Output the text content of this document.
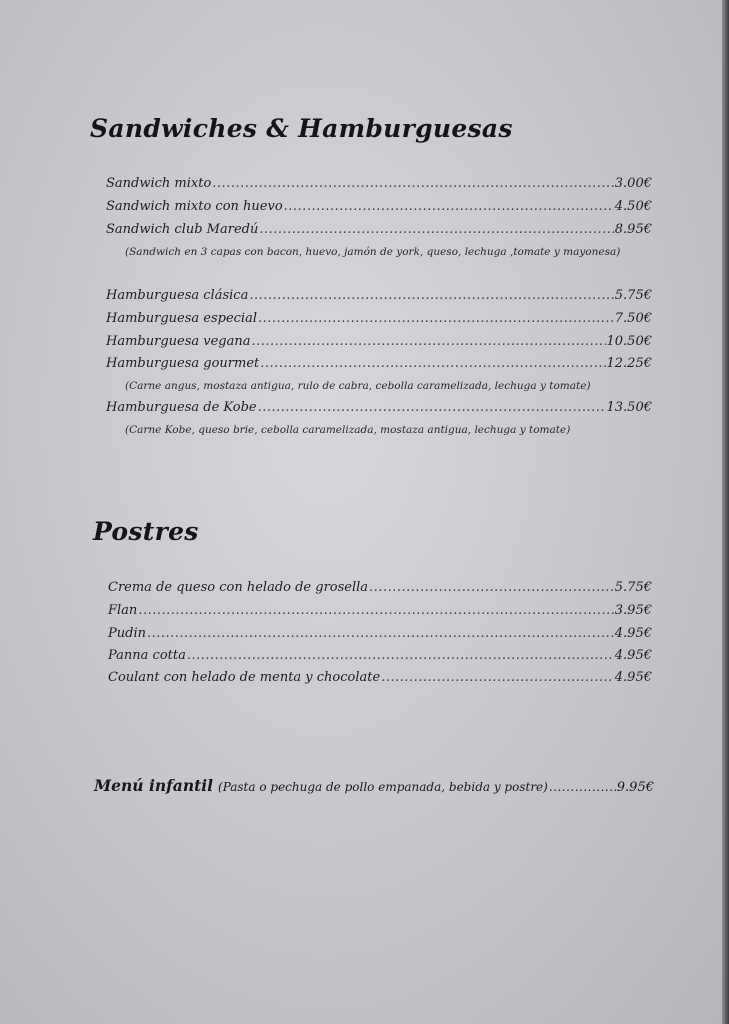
Sandwiches & Hamburguesas
Sandwich mixto .....	3.00€
Sandwich mixto con huevo .....	4.50€
Sandwich club Maredú .....	8.95€
(Sandwich en 3 capas con bacon, huevo, jamón de york, queso, lechuga ,tomate y mayonesa)
Hamburguesa clásica .....	5.75€
Hamburguesa especial .....	7.50€
Hamburguesa vegana .....	10.50€
Hamburguesa gourmet .....	12.25€
(Carne angus, mostaza antigua, rulo de cabra, cebolla caramelizada, lechuga y tomate)
Hamburguesa de Kobe .....	13.50€
(Carne Kobe, queso brie, cebolla caramelizada, mostaza antigua, lechuga y tomate)
Postres
Crema de queso con helado de grosella .....	5.75€
Flan .....	3.95€
Pudin .....	4.95€
Panna cotta .....	4.95€
Coulant con helado de menta y chocolate .....	4.95€
Menú infantil (Pasta o pechuga de pollo empanada, bebida y postre) .....	9.95€
